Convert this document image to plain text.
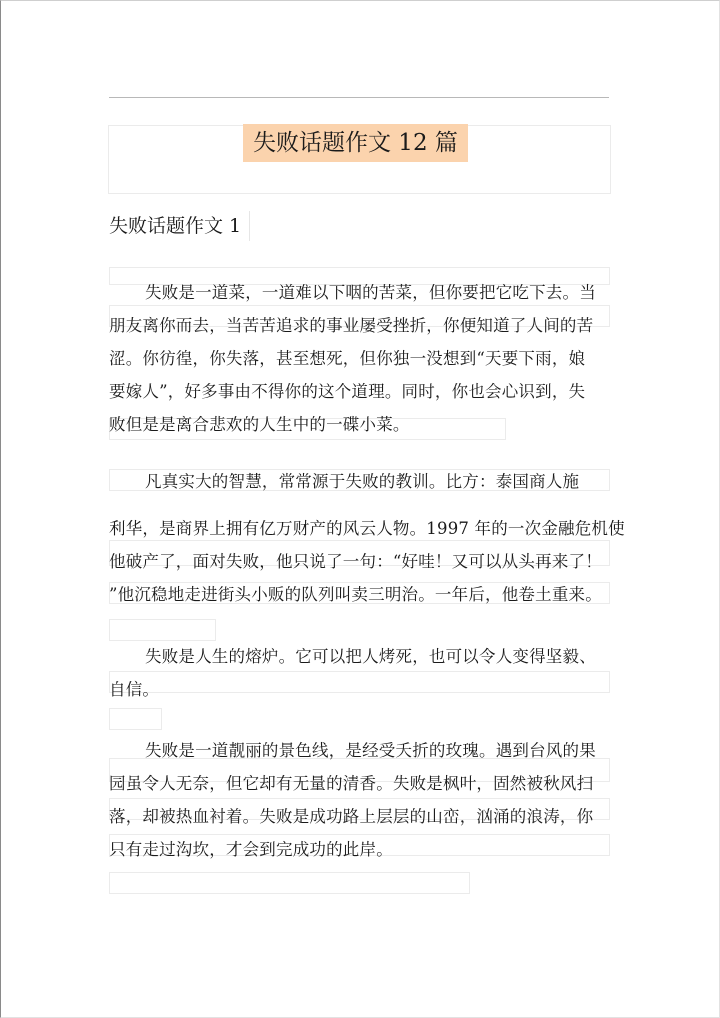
失败话题作文 12 篇
失败话题作文 1
失败是一道菜，一道难以下咽的苦菜，但你要把它吃下去。当
朋友离你而去，当苦苦追求的事业屡受挫折，你便知道了人间的苦
涩。你彷徨，你失落，甚至想死，但你独一没想到“天要下雨，娘
要嫁人”，好多事由不得你的这个道理。同时，你也会心识到，失
败但是是离合悲欢的人生中的一碟小菜。
凡真实大的智慧，常常源于失败的教训。比方：泰国商人施
利华，是商界上拥有亿万财产的风云人物。1997 年的一次金融危机使
他破产了，面对失败，他只说了一句：“好哇！又可以从头再来了！
”他沉稳地走进街头小贩的队列叫卖三明治。一年后，他卷土重来。
失败是人生的熔炉。它可以把人烤死，也可以令人变得坚毅、
自信。
失败是一道靓丽的景色线，是经受夭折的玫瑰。遇到台风的果
园虽令人无奈，但它却有无量的清香。失败是枫叶，固然被秋风扫
落，却被热血衬着。失败是成功路上层层的山峦，汹涌的浪涛，你
只有走过沟坎，才会到完成功的此岸。
